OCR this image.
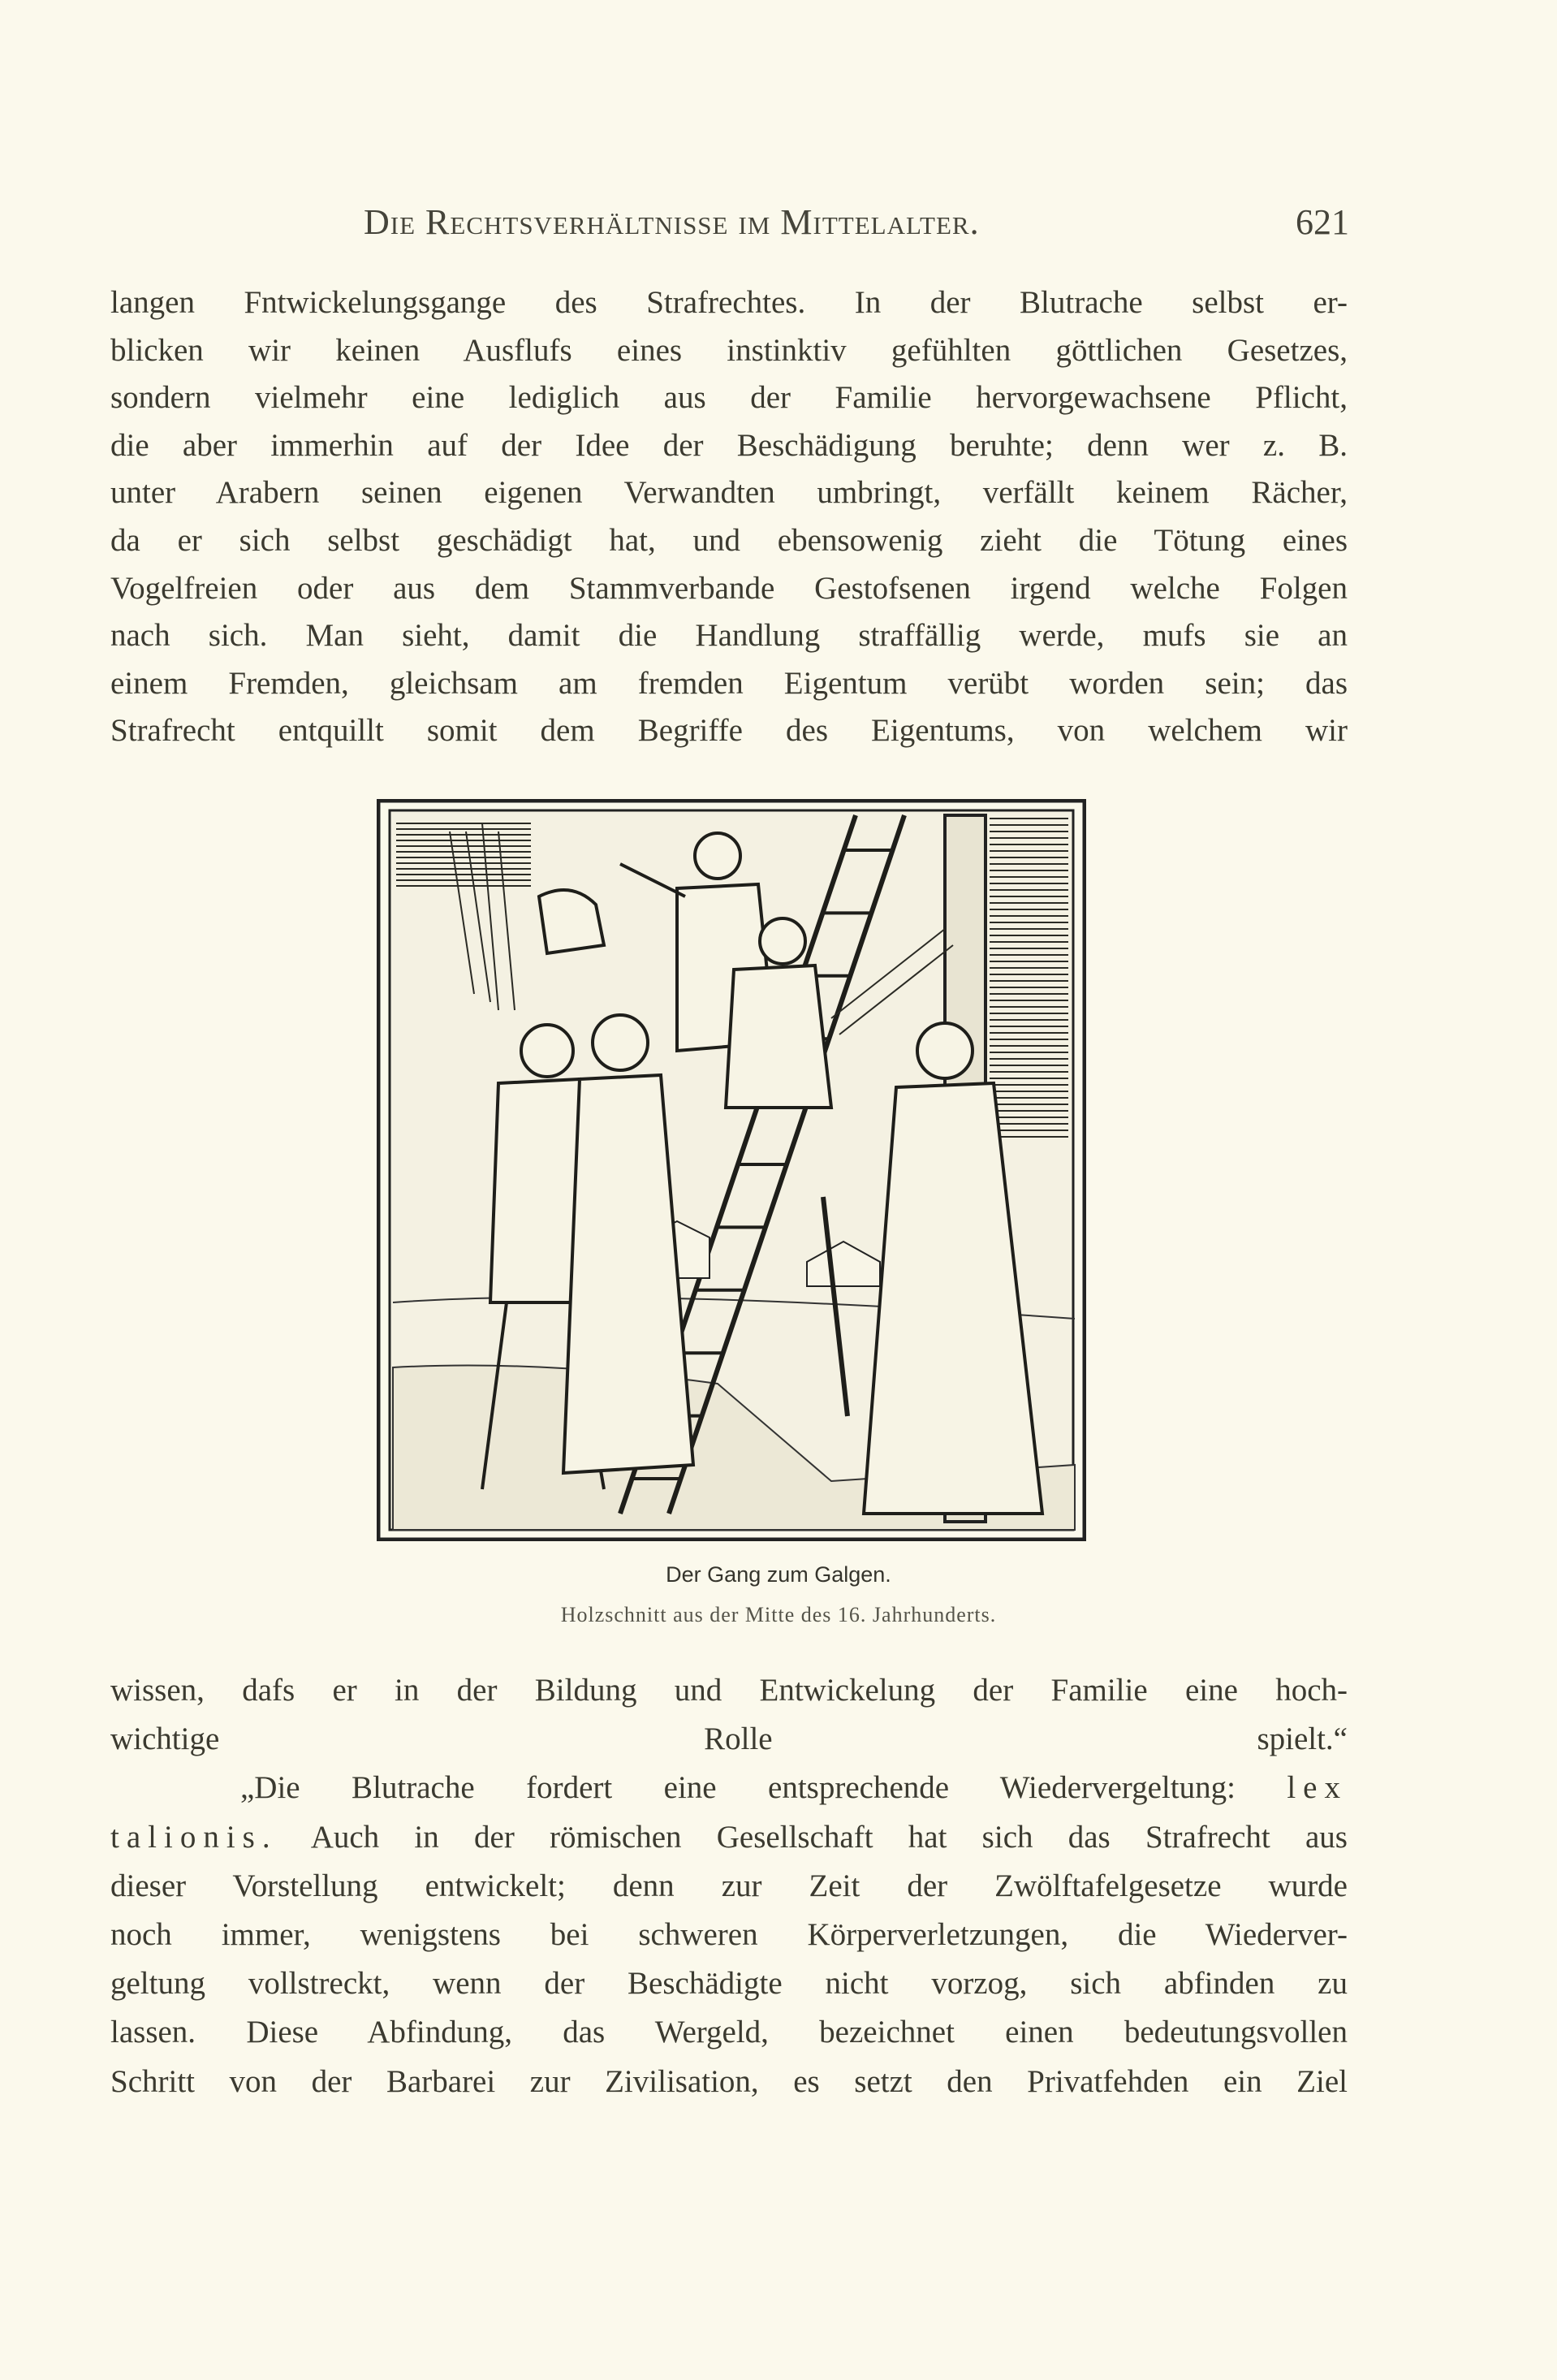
Die Rechtsverhältnisse im Mittelalter.	621
langen Fntwickelungsgange des Strafrechtes. In der Blutrache selbst er-
blicken wir keinen Ausflufs eines instinktiv gefühlten göttlichen Gesetzes,
sondern vielmehr eine lediglich aus der Familie hervorgewachsene Pflicht,
die aber immerhin auf der Idee der Beschädigung beruhte; denn wer z. B.
unter Arabern seinen eigenen Verwandten umbringt, verfällt keinem Rächer,
da er sich selbst geschädigt hat, und ebensowenig zieht die Tötung eines
Vogelfreien oder aus dem Stammverbande Gestofsenen irgend welche Folgen
nach sich. Man sieht, damit die Handlung straffällig werde, mufs sie an
einem Fremden, gleichsam am fremden Eigentum verübt worden sein; das
Strafrecht entquillt somit dem Begriffe des Eigentums, von welchem wir
Der Gang zum Galgen.
Holzschnitt aus der Mitte des 16. Jahrhunderts.
wissen, dafs er in der Bildung und Entwickelung der Familie eine hoch-
wichtige Rolle spielt.“
„Die Blutrache fordert eine entsprechende Wiedervergeltung: lex
talionis. Auch in der römischen Gesellschaft hat sich das Strafrecht aus
dieser Vorstellung entwickelt; denn zur Zeit der Zwölftafelgesetze wurde
noch immer, wenigstens bei schweren Körperverletzungen, die Wiederver-
geltung vollstreckt, wenn der Beschädigte nicht vorzog, sich abfinden zu
lassen. Diese Abfindung, das Wergeld, bezeichnet einen bedeutungsvollen
Schritt von der Barbarei zur Zivilisation, es setzt den Privatfehden ein Ziel
